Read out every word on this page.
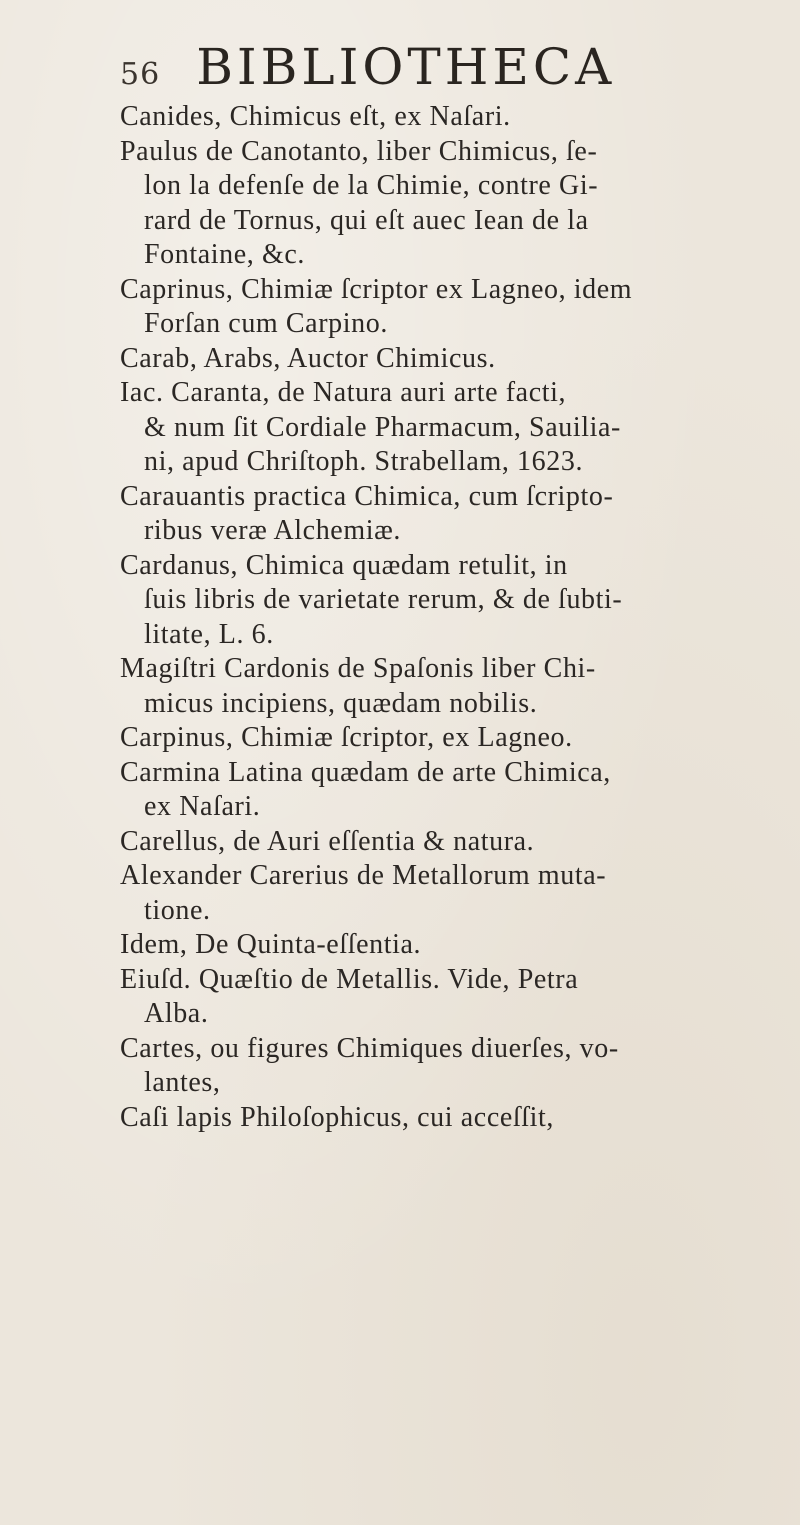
56 BIBLIOTHECA
Canides, Chimicus eſt, ex Naſari.
Paulus de Canotanto, liber Chimicus, ſe-
lon la defenſe de la Chimie, contre Gi-
rard de Tornus, qui eſt auec Iean de la
Fontaine, &c.
Caprinus, Chimiæ ſcriptor ex Lagneo, idem
Forſan cum Carpino.
Carab, Arabs, Auctor Chimicus.
Iac. Caranta, de Natura auri arte facti,
& num ſit Cordiale Pharmacum, Sauilia-
ni, apud Chriſtoph. Strabellam, 1623.
Carauantis practica Chimica, cum ſcripto-
ribus veræ Alchemiæ.
Cardanus, Chimica quædam retulit, in
ſuis libris de varietate rerum, & de ſubti-
litate, L. 6.
Magiſtri Cardonis de Spaſonis liber Chi-
micus incipiens, quædam nobilis.
Carpinus, Chimiæ ſcriptor, ex Lagneo.
Carmina Latina quædam de arte Chimica,
ex Naſari.
Carellus, de Auri eſſentia & natura.
Alexander Carerius de Metallorum muta-
tione.
Idem, De Quinta-eſſentia.
Eiuſd. Quæſtio de Metallis. Vide, Petra
Alba.
Cartes, ou figures Chimiques diuerſes, vo-
lantes,
Caſi lapis Philoſophicus, cui acceſſit,
